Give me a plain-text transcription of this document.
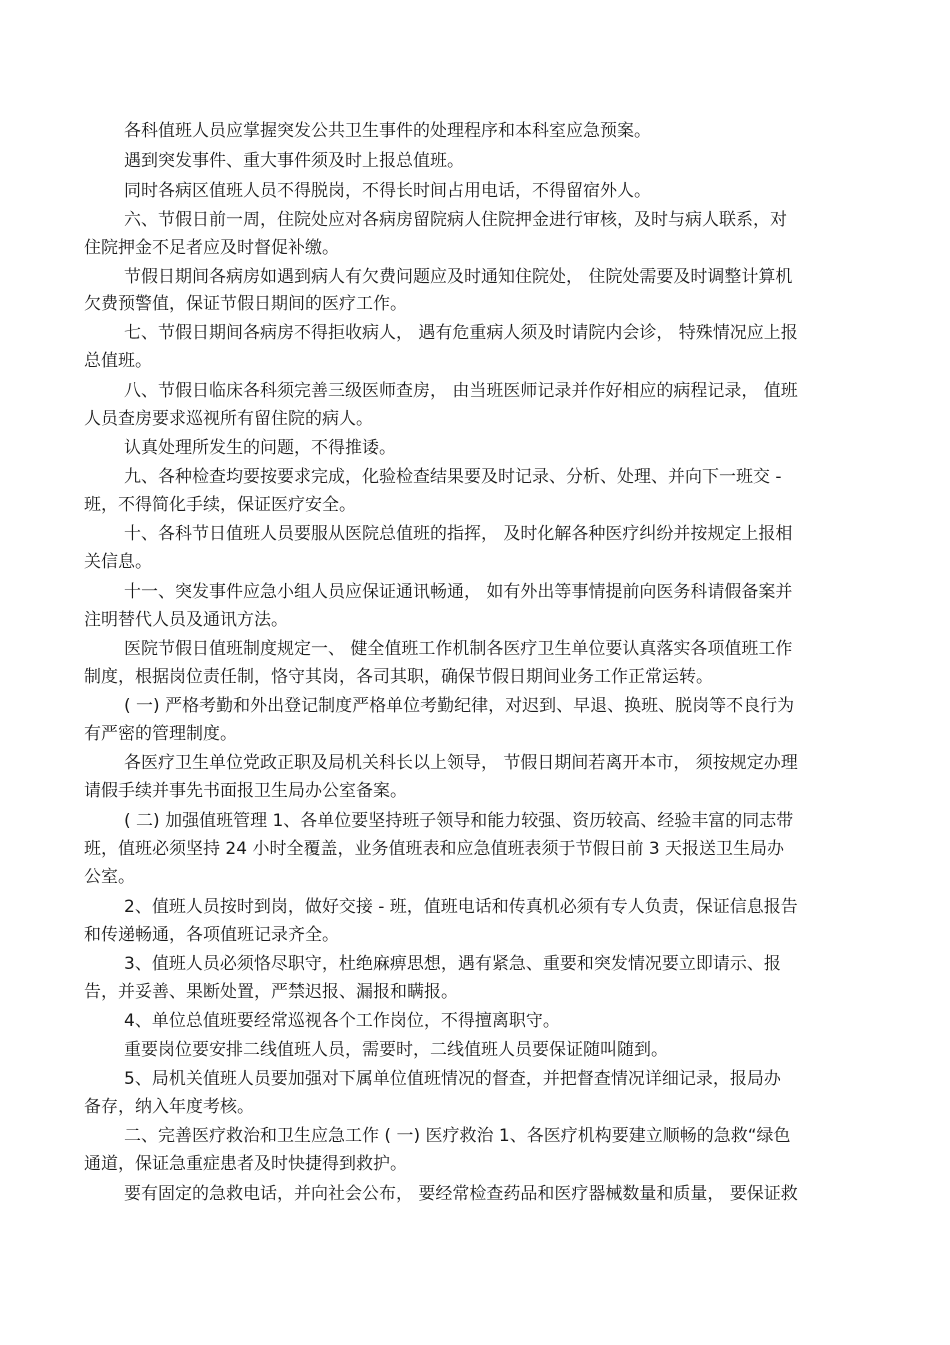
各科值班人员应掌握突发公共卫生事件的处理程序和本科室应急预案。

遇到突发事件、重大事件须及时上报总值班。

同时各病区值班人员不得脱岗，不得长时间占用电话，不得留宿外人。

六、节假日前一周，住院处应对各病房留院病人住院押金进行审核，及时与病人联系，对

住院押金不足者应及时督促补缴。

节假日期间各病房如遇到病人有欠费问题应及时通知住院处， 住院处需要及时调整计算机

欠费预警值，保证节假日期间的医疗工作。

七、节假日期间各病房不得拒收病人， 遇有危重病人须及时请院内会诊， 特殊情况应上报

总值班。

八、节假日临床各科须完善三级医师查房， 由当班医师记录并作好相应的病程记录， 值班

人员查房要求巡视所有留住院的病人。

认真处理所发生的问题，不得推诿。

九、各种检查均要按要求完成，化验检查结果要及时记录、分析、处理、并向下一班交 -

班，不得简化手续，保证医疗安全。

十、各科节日值班人员要服从医院总值班的指挥， 及时化解各种医疗纠纷并按规定上报相

关信息。

十一、突发事件应急小组人员应保证通讯畅通， 如有外出等事情提前向医务科请假备案并

注明替代人员及通讯方法。

医院节假日值班制度规定一、 健全值班工作机制各医疗卫生单位要认真落实各项值班工作

制度，根据岗位责任制，恪守其岗，各司其职，确保节假日期间业务工作正常运转。

( 一) 严格考勤和外出登记制度严格单位考勤纪律，对迟到、早退、换班、脱岗等不良行为

有严密的管理制度。

各医疗卫生单位党政正职及局机关科长以上领导， 节假日期间若离开本市， 须按规定办理

请假手续并事先书面报卫生局办公室备案。

( 二) 加强值班管理 1、各单位要坚持班子领导和能力较强、资历较高、经验丰富的同志带

班，值班必须坚持 24 小时全覆盖，业务值班表和应急值班表须于节假日前 3 天报送卫生局办

公室。

2、值班人员按时到岗，做好交接 - 班，值班电话和传真机必须有专人负责，保证信息报告

和传递畅通，各项值班记录齐全。

3、值班人员必须恪尽职守，杜绝麻痹思想，遇有紧急、重要和突发情况要立即请示、报

告，并妥善、果断处置，严禁迟报、漏报和瞒报。

4、单位总值班要经常巡视各个工作岗位，不得擅离职守。

重要岗位要安排二线值班人员，需要时，二线值班人员要保证随叫随到。

5、局机关值班人员要加强对下属单位值班情况的督查，并把督查情况详细记录，报局办

备存，纳入年度考核。

二、完善医疗救治和卫生应急工作 ( 一) 医疗救治 1、各医疗机构要建立顺畅的急救“绿色

通道，保证急重症患者及时快捷得到救护。

要有固定的急救电话，并向社会公布， 要经常检查药品和医疗器械数量和质量， 要保证救
